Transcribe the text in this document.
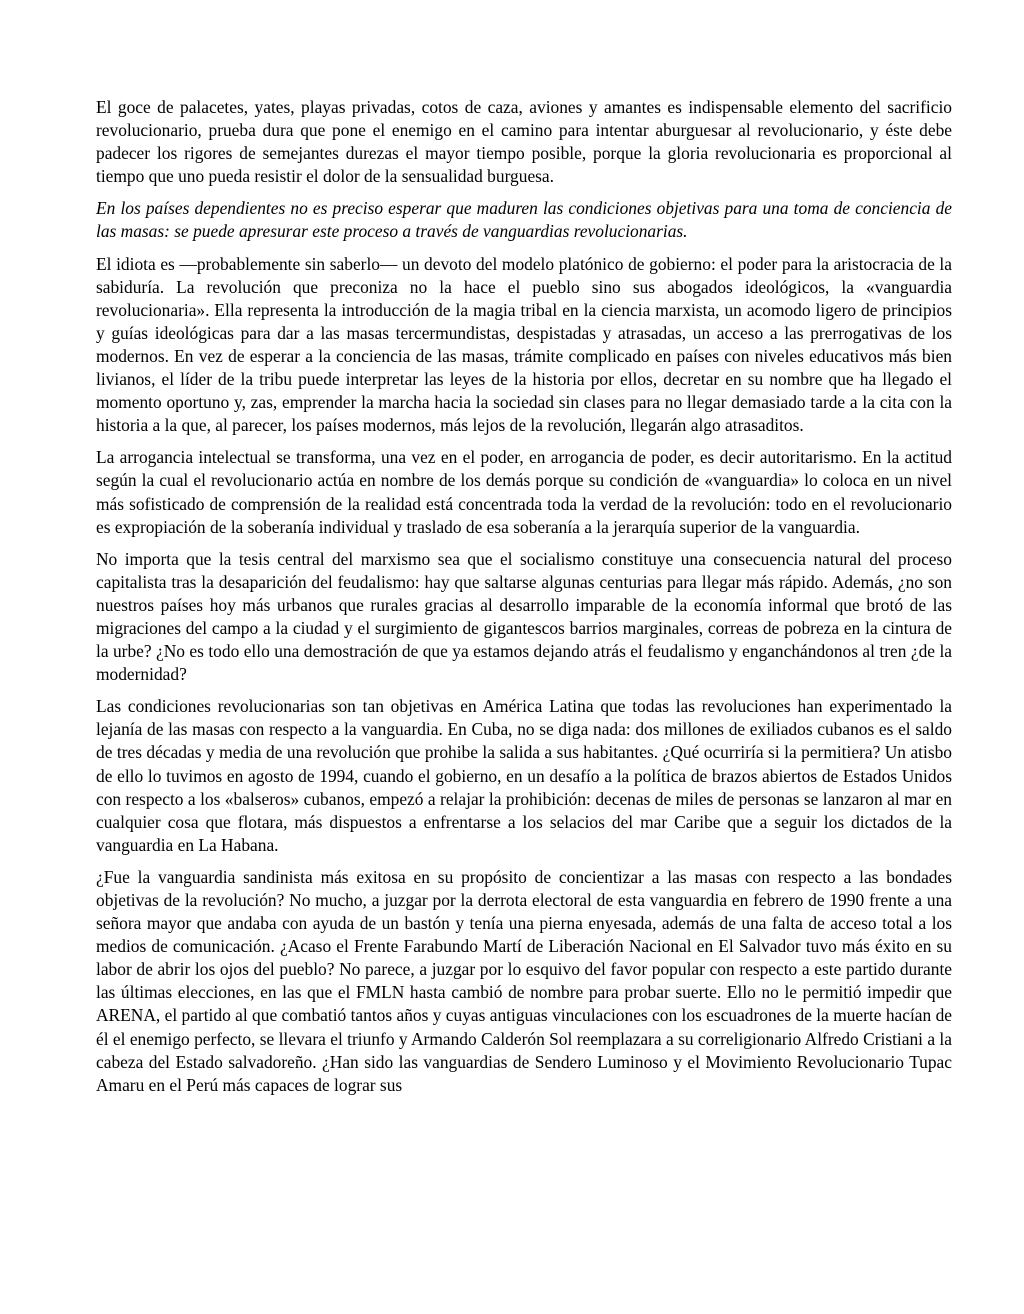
El goce de palacetes, yates, playas privadas, cotos de caza, aviones y amantes es indispensable elemento del sacrificio revolucionario, prueba dura que pone el enemigo en el camino para intentar aburguesar al revolucionario, y éste debe padecer los rigores de semejantes durezas el mayor tiempo posible, porque la gloria revolucionaria es proporcional al tiempo que uno pueda resistir el dolor de la sensualidad burguesa.

En los países dependientes no es preciso esperar que maduren las condiciones objetivas para una toma de conciencia de las masas: se puede apresurar este proceso a través de vanguardias revolucionarias.

El idiota es —probablemente sin saberlo— un devoto del modelo platónico de gobierno: el poder para la aristocracia de la sabiduría. La revolución que preconiza no la hace el pueblo sino sus abogados ideológicos, la «vanguardia revolucionaria». Ella representa la introducción de la magia tribal en la ciencia marxista, un acomodo ligero de principios y guías ideológicas para dar a las masas tercermundistas, despistadas y atrasadas, un acceso a las prerrogativas de los modernos. En vez de esperar a la conciencia de las masas, trámite complicado en países con niveles educativos más bien livianos, el líder de la tribu puede interpretar las leyes de la historia por ellos, decretar en su nombre que ha llegado el momento oportuno y, zas, emprender la marcha hacia la sociedad sin clases para no llegar demasiado tarde a la cita con la historia a la que, al parecer, los países modernos, más lejos de la revolución, llegarán algo atrasaditos.

La arrogancia intelectual se transforma, una vez en el poder, en arrogancia de poder, es decir autoritarismo. En la actitud según la cual el revolucionario actúa en nombre de los demás porque su condición de «vanguardia» lo coloca en un nivel más sofisticado de comprensión de la realidad está concentrada toda la verdad de la revolución: todo en el revolucionario es expropiación de la soberanía individual y traslado de esa soberanía a la jerarquía superior de la vanguardia.

No importa que la tesis central del marxismo sea que el socialismo constituye una consecuencia natural del proceso capitalista tras la desaparición del feudalismo: hay que saltarse algunas centurias para llegar más rápido. Además, ¿no son nuestros países hoy más urbanos que rurales gracias al desarrollo imparable de la economía informal que brotó de las migraciones del campo a la ciudad y el surgimiento de gigantescos barrios marginales, correas de pobreza en la cintura de la urbe? ¿No es todo ello una demostración de que ya estamos dejando atrás el feudalismo y enganchándonos al tren ¿de la modernidad?

Las condiciones revolucionarias son tan objetivas en América Latina que todas las revoluciones han experimentado la lejanía de las masas con respecto a la vanguardia. En Cuba, no se diga nada: dos millones de exiliados cubanos es el saldo de tres décadas y media de una revolución que prohibe la salida a sus habitantes. ¿Qué ocurriría si la permitiera? Un atisbo de ello lo tuvimos en agosto de 1994, cuando el gobierno, en un desafío a la política de brazos abiertos de Estados Unidos con respecto a los «balseros» cubanos, empezó a relajar la prohibición: decenas de miles de personas se lanzaron al mar en cualquier cosa que flotara, más dispuestos a enfrentarse a los selacios del mar Caribe que a seguir los dictados de la vanguardia en La Habana.

¿Fue la vanguardia sandinista más exitosa en su propósito de concientizar a las masas con respecto a las bondades objetivas de la revolución? No mucho, a juzgar por la derrota electoral de esta vanguardia en febrero de 1990 frente a una señora mayor que andaba con ayuda de un bastón y tenía una pierna enyesada, además de una falta de acceso total a los medios de comunicación. ¿Acaso el Frente Farabundo Martí de Liberación Nacional en El Salvador tuvo más éxito en su labor de abrir los ojos del pueblo? No parece, a juzgar por lo esquivo del favor popular con respecto a este partido durante las últimas elecciones, en las que el FMLN hasta cambió de nombre para probar suerte. Ello no le permitió impedir que ARENA, el partido al que combatió tantos años y cuyas antiguas vinculaciones con los escuadrones de la muerte hacían de él el enemigo perfecto, se llevara el triunfo y Armando Calderón Sol reemplazara a su correligionario Alfredo Cristiani a la cabeza del Estado salvadoreño. ¿Han sido las vanguardias de Sendero Luminoso y el Movimiento Revolucionario Tupac Amaru en el Perú más capaces de lograr sus
